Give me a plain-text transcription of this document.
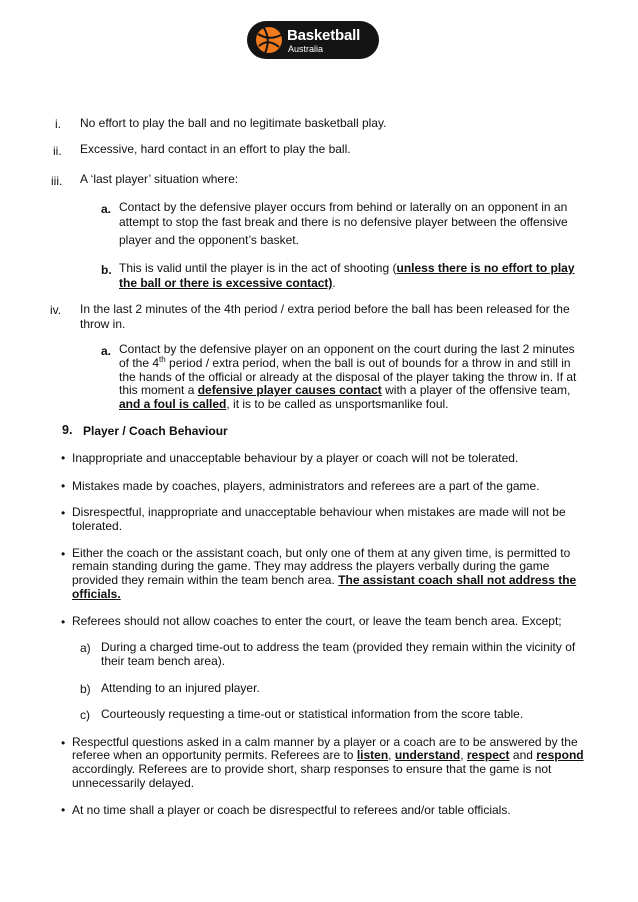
Basketball
Australia
i. No effort to play the ball and no legitimate basketball play.
ii. Excessive, hard contact in an effort to play the ball.
iii. A ‘last player’ situation where:
a. Contact by the defensive player occurs from behind or laterally on an opponent in an
attempt to stop the fast break and there is no defensive player between the offensive
player and the opponent’s basket.
b. This is valid until the player is in the act of shooting (unless there is no effort to play
the ball or there is excessive contact).
iv. In the last 2 minutes of the 4th period / extra period before the ball has been released for the
throw in.
a. Contact by the defensive player on an opponent on the court during the last 2 minutes
of the 4th period / extra period, when the ball is out of bounds for a throw in and still in
the hands of the official or already at the disposal of the player taking the throw in. If at
this moment a defensive player causes contact with a player of the offensive team,
and a foul is called, it is to be called as unsportsmanlike foul.
9. Player / Coach Behaviour
• Inappropriate and unacceptable behaviour by a player or coach will not be tolerated.
• Mistakes made by coaches, players, administrators and referees are a part of the game.
• Disrespectful, inappropriate and unacceptable behaviour when mistakes are made will not be
tolerated.
• Either the coach or the assistant coach, but only one of them at any given time, is permitted to
remain standing during the game. They may address the players verbally during the game
provided they remain within the team bench area. The assistant coach shall not address the
officials.
• Referees should not allow coaches to enter the court, or leave the team bench area. Except;
a) During a charged time-out to address the team (provided they remain within the vicinity of
their team bench area).
b) Attending to an injured player.
c) Courteously requesting a time-out or statistical information from the score table.
• Respectful questions asked in a calm manner by a player or a coach are to be answered by the
referee when an opportunity permits. Referees are to listen, understand, respect and respond
accordingly. Referees are to provide short, sharp responses to ensure that the game is not
unnecessarily delayed.
• At no time shall a player or coach be disrespectful to referees and/or table officials.
